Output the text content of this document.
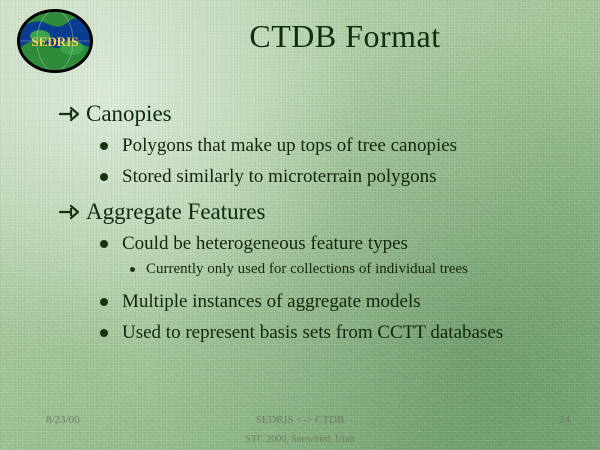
SEDRIS	CTDB Format
Canopies
Polygons that make up tops of tree canopies
Stored similarly to microterrain polygons
Aggregate Features
Could be heterogeneous feature types
Currently only used for collections of individual trees
Multiple instances of aggregate models
Used to represent basis sets from CCTT databases
8/23/00	SEDRIS <-> CTDB
STC 2000, Snowbird, Utah
24
